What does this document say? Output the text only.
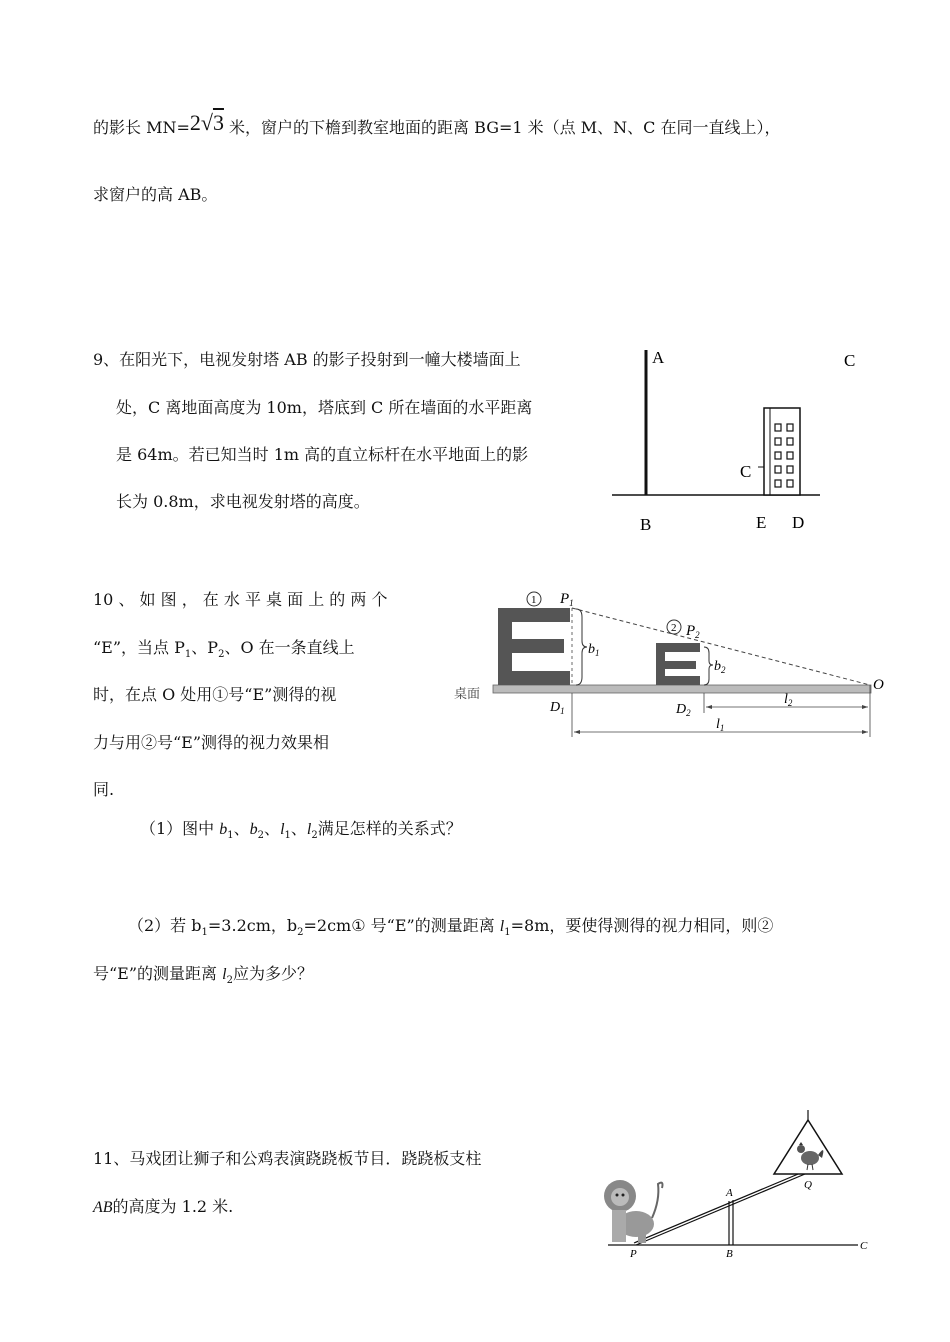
的影长 MN=2√3 米，窗户的下檐到教室地面的距离 BG=1 米（点 M、N、C 在同一直线上），
求窗户的高 AB。
9、在阳光下，电视发射塔 AB 的影子投射到一幢大楼墙面上
处，C 离地面高度为 10m，塔底到 C 所在墙面的水平距离
是 64m。若已知当时 1m 高的直立标杆在水平地面上的影
长为 0.8m，求电视发射塔的高度。
A	C
C
B	E D
10 、 如 图 ， 在 水 平 桌 面 上 的 两 个
“E”，当点 $P_1$、$P_2$、O 在一条直线上
时，在点 O 处用①号“E”测得的视
力与用②号“E”测得的视力效果相
同.
（1）图中 $b_1$、$b_2$、$l_1$、$l_2$满足怎样的关系式？
（2）若 $b_1=3.2cm$，$b_2=2cm①$ 号“E”的测量距离 $l_1=8m$，要使得测得的视力相同，则②
号“E”的测量距离 $l_2$应为多少？
1
2
$P_1$
$P_2$
$b_1$
$b_2$
桌面
$D_1$	$D_2$
$l_2$
$l_1$
O
11、马戏团让狮子和公鸡表演跷跷板节目．跷跷板支柱
AB的高度为 1.2 米.
A
B
P
Q
C
